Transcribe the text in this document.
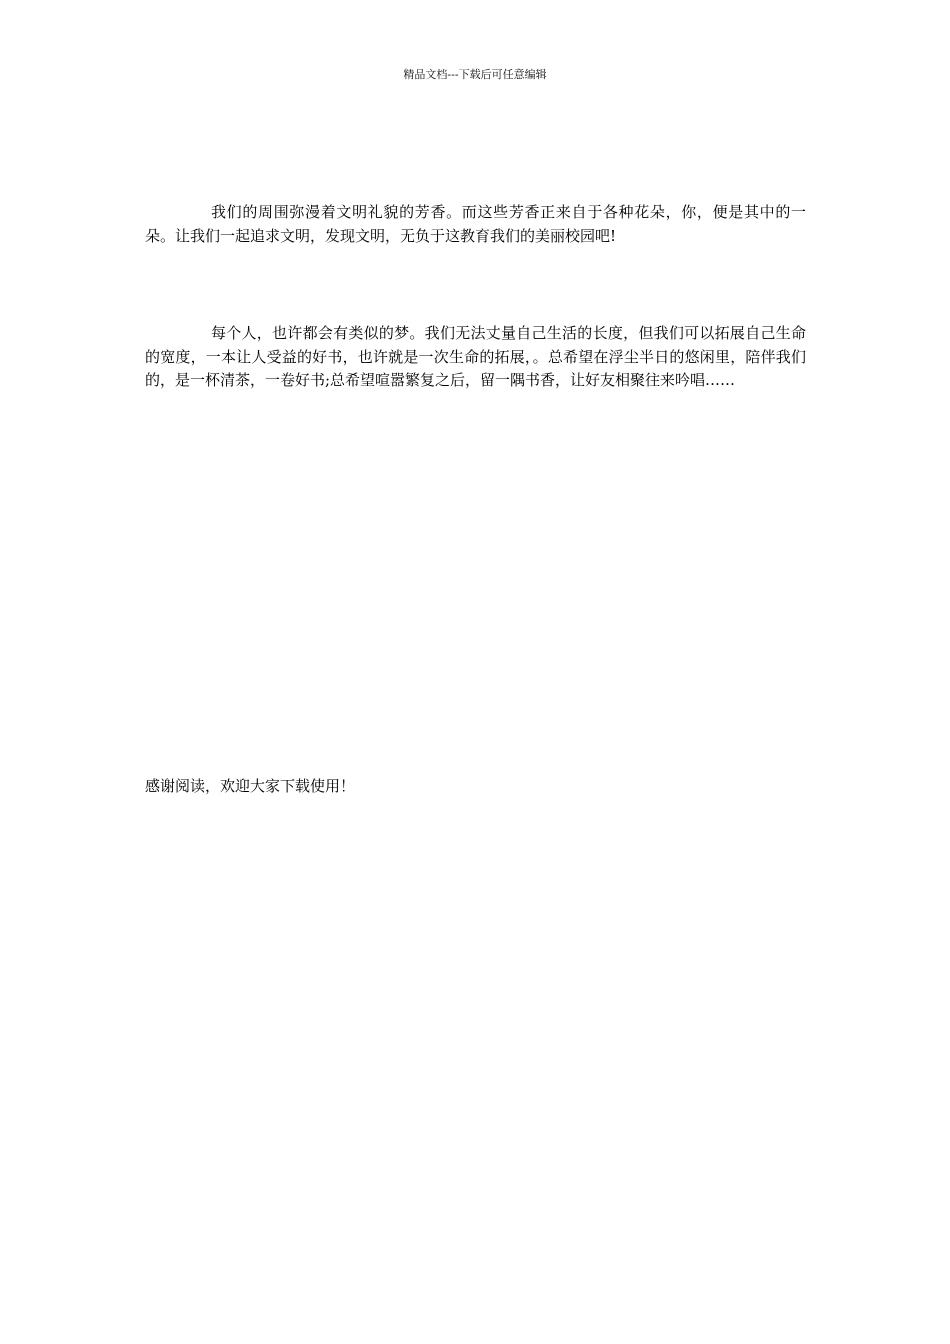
精品文档---下载后可任意编辑

我们的周围弥漫着文明礼貌的芳香。而这些芳香正来自于各种花朵，你，便是其中的一朵。让我们一起追求文明，发现文明，无负于这教育我们的美丽校园吧!

每个人，也许都会有类似的梦。我们无法丈量自己生活的长度，但我们可以拓展自己生命的宽度，一本让人受益的好书，也许就是一次生命的拓展，。总希望在浮尘半日的悠闲里，陪伴我们的，是一杯清茶，一卷好书;总希望喧嚣繁复之后，留一隅书香，让好友相聚往来吟唱……

感谢阅读，欢迎大家下载使用！
